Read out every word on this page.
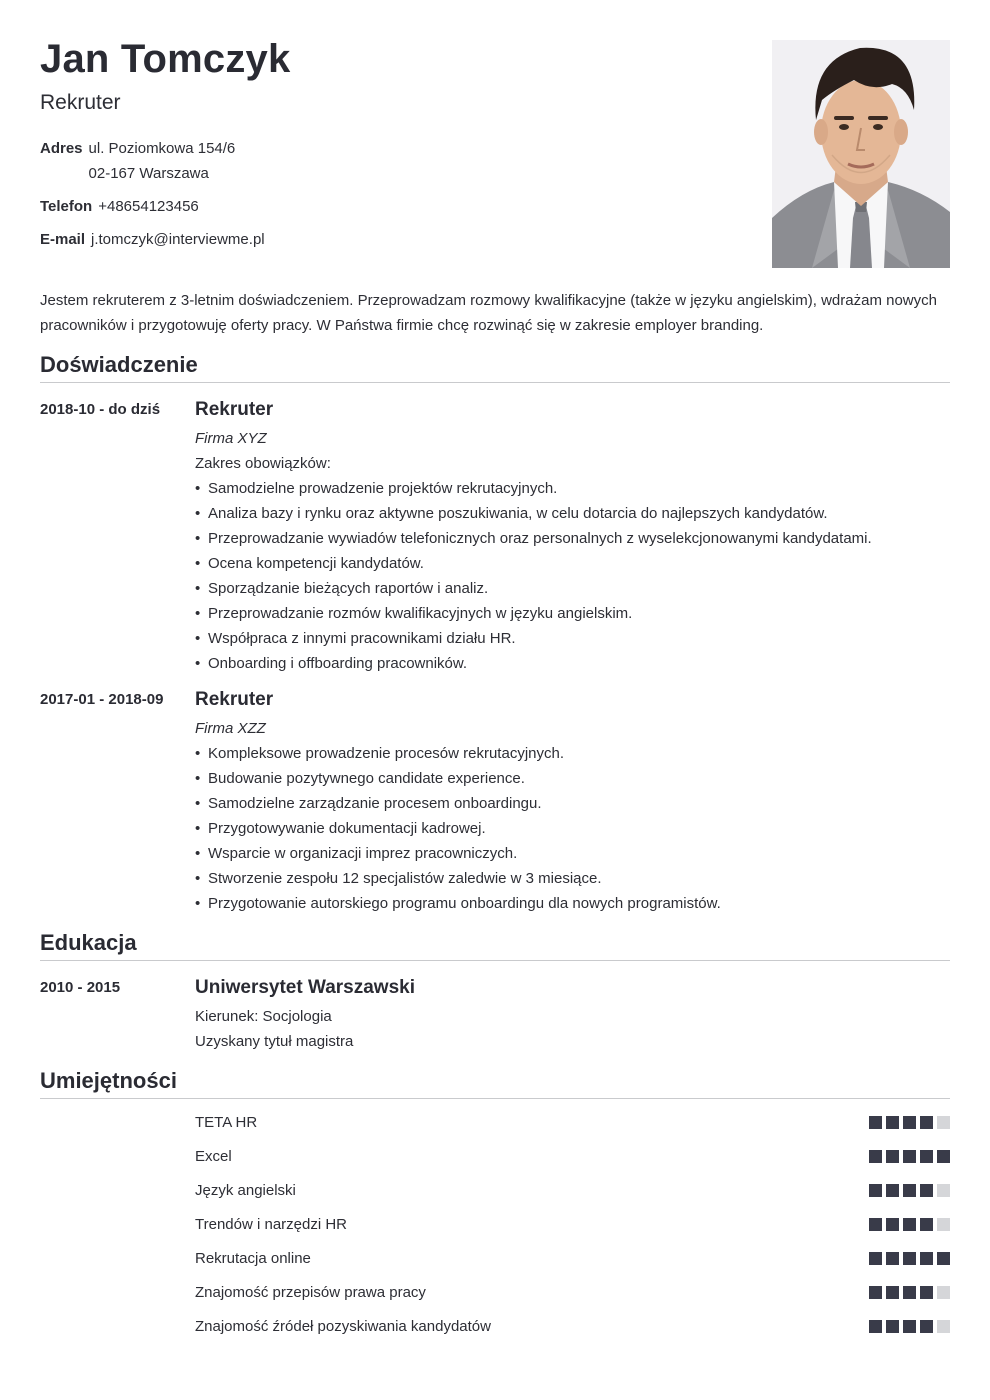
Jan Tomczyk
Rekruter
Adres ul. Poziomkowa 154/6
02-167 Warszawa
Telefon +48654123456
E-mail j.tomczyk@interviewme.pl

Jestem rekruterem z 3-letnim doświadczeniem. Przeprowadzam rozmowy kwalifikacyjne (także w języku angielskim), wdrażam nowych pracowników i przygotowuję oferty pracy. W Państwa firmie chcę rozwinąć się w zakresie employer branding.

Doświadczenie
2018-10 - do dziś Rekruter
Firma XYZ
Zakres obowiązków:
• Samodzielne prowadzenie projektów rekrutacyjnych.
• Analiza bazy i rynku oraz aktywne poszukiwania, w celu dotarcia do najlepszych kandydatów.
• Przeprowadzanie wywiadów telefonicznych oraz personalnych z wyselekcjonowanymi kandydatami.
• Ocena kompetencji kandydatów.
• Sporządzanie bieżących raportów i analiz.
• Przeprowadzanie rozmów kwalifikacyjnych w języku angielskim.
• Współpraca z innymi pracownikami działu HR.
• Onboarding i offboarding pracowników.
2017-01 - 2018-09 Rekruter
Firma XZZ
• Kompleksowe prowadzenie procesów rekrutacyjnych.
• Budowanie pozytywnego candidate experience.
• Samodzielne zarządzanie procesem onboardingu.
• Przygotowywanie dokumentacji kadrowej.
• Wsparcie w organizacji imprez pracowniczych.
• Stworzenie zespołu 12 specjalistów zaledwie w 3 miesiące.
• Przygotowanie autorskiego programu onboardingu dla nowych programistów.
Edukacja
2010 - 2015	Uniwersytet Warszawski
Kierunek: Socjologia
Uzyskany tytuł magistra
Umiejętności
TETA HR
Excel
Język angielski
Trendów i narzędzi HR
Rekrutacja online
Znajomość przepisów prawa pracy
Znajomość źródeł pozyskiwania kandydatów
